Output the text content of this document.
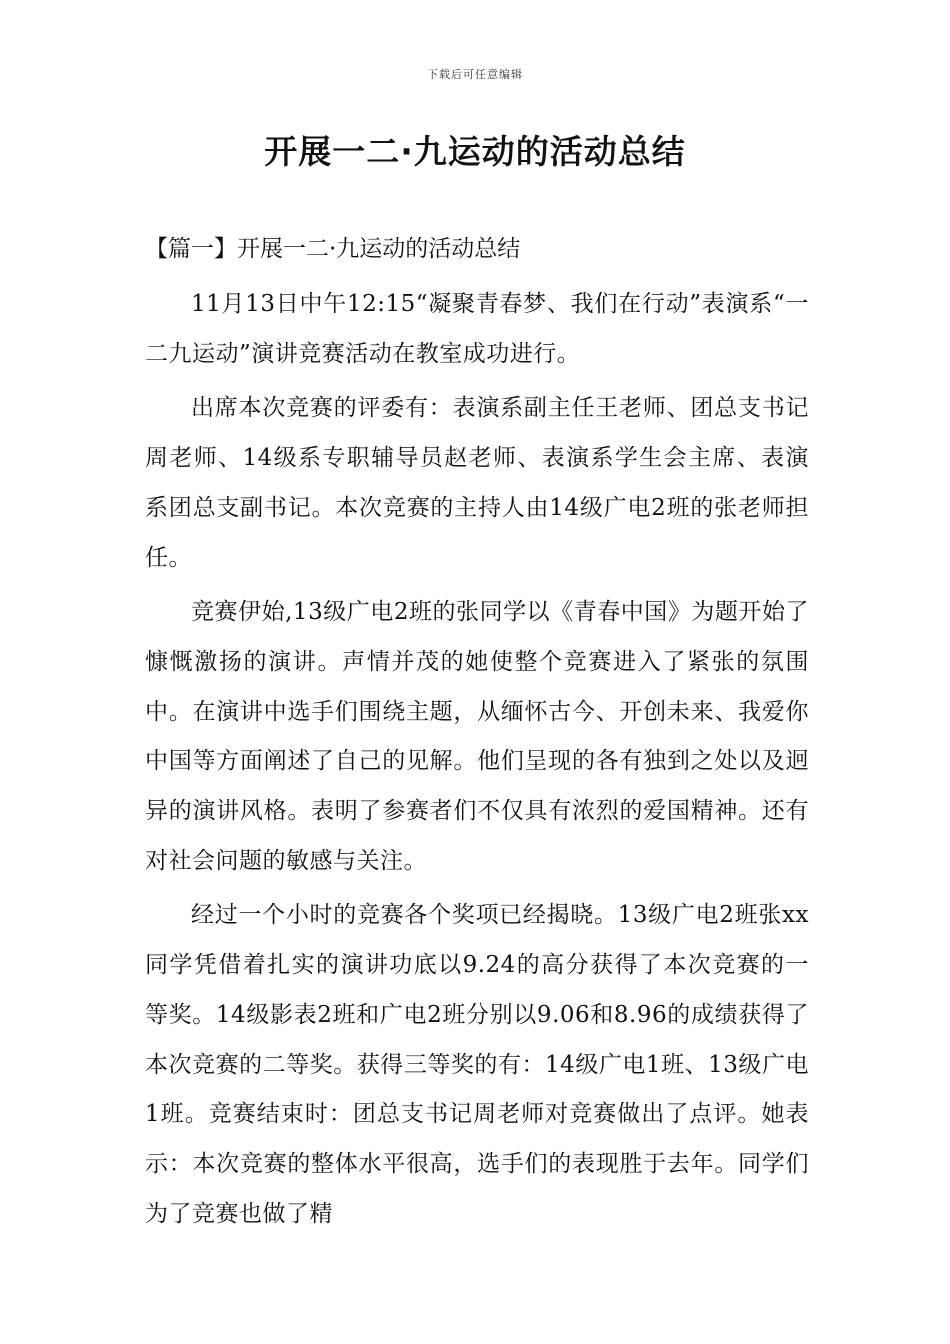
下载后可任意编辑
开展一二·九运动的活动总结
【篇一】开展一二·九运动的活动总结

11月13日中午12:15“凝聚青春梦、我们在行动”表演系“一二九运动”演讲竞赛活动在教室成功进行。

出席本次竞赛的评委有：表演系副主任王老师、团总支书记周老师、14级系专职辅导员赵老师、表演系学生会主席、表演系团总支副书记。本次竞赛的主持人由14级广电2班的张老师担任。

竞赛伊始,13级广电2班的张同学以《青春中国》为题开始了慷慨激扬的演讲。声情并茂的她使整个竞赛进入了紧张的氛围中。在演讲中选手们围绕主题，从缅怀古今、开创未来、我爱你中国等方面阐述了自己的见解。他们呈现的各有独到之处以及迥异的演讲风格。表明了参赛者们不仅具有浓烈的爱国精神。还有对社会问题的敏感与关注。

经过一个小时的竞赛各个奖项已经揭晓。13级广电2班张xx同学凭借着扎实的演讲功底以9.24的高分获得了本次竞赛的一等奖。14级影表2班和广电2班分别以9.06和8.96的成绩获得了本次竞赛的二等奖。获得三等奖的有：14级广电1班、13级广电1班。竞赛结束时：团总支书记周老师对竞赛做出了点评。她表示：本次竞赛的整体水平很高，选手们的表现胜于去年。同学们为了竞赛也做了精
